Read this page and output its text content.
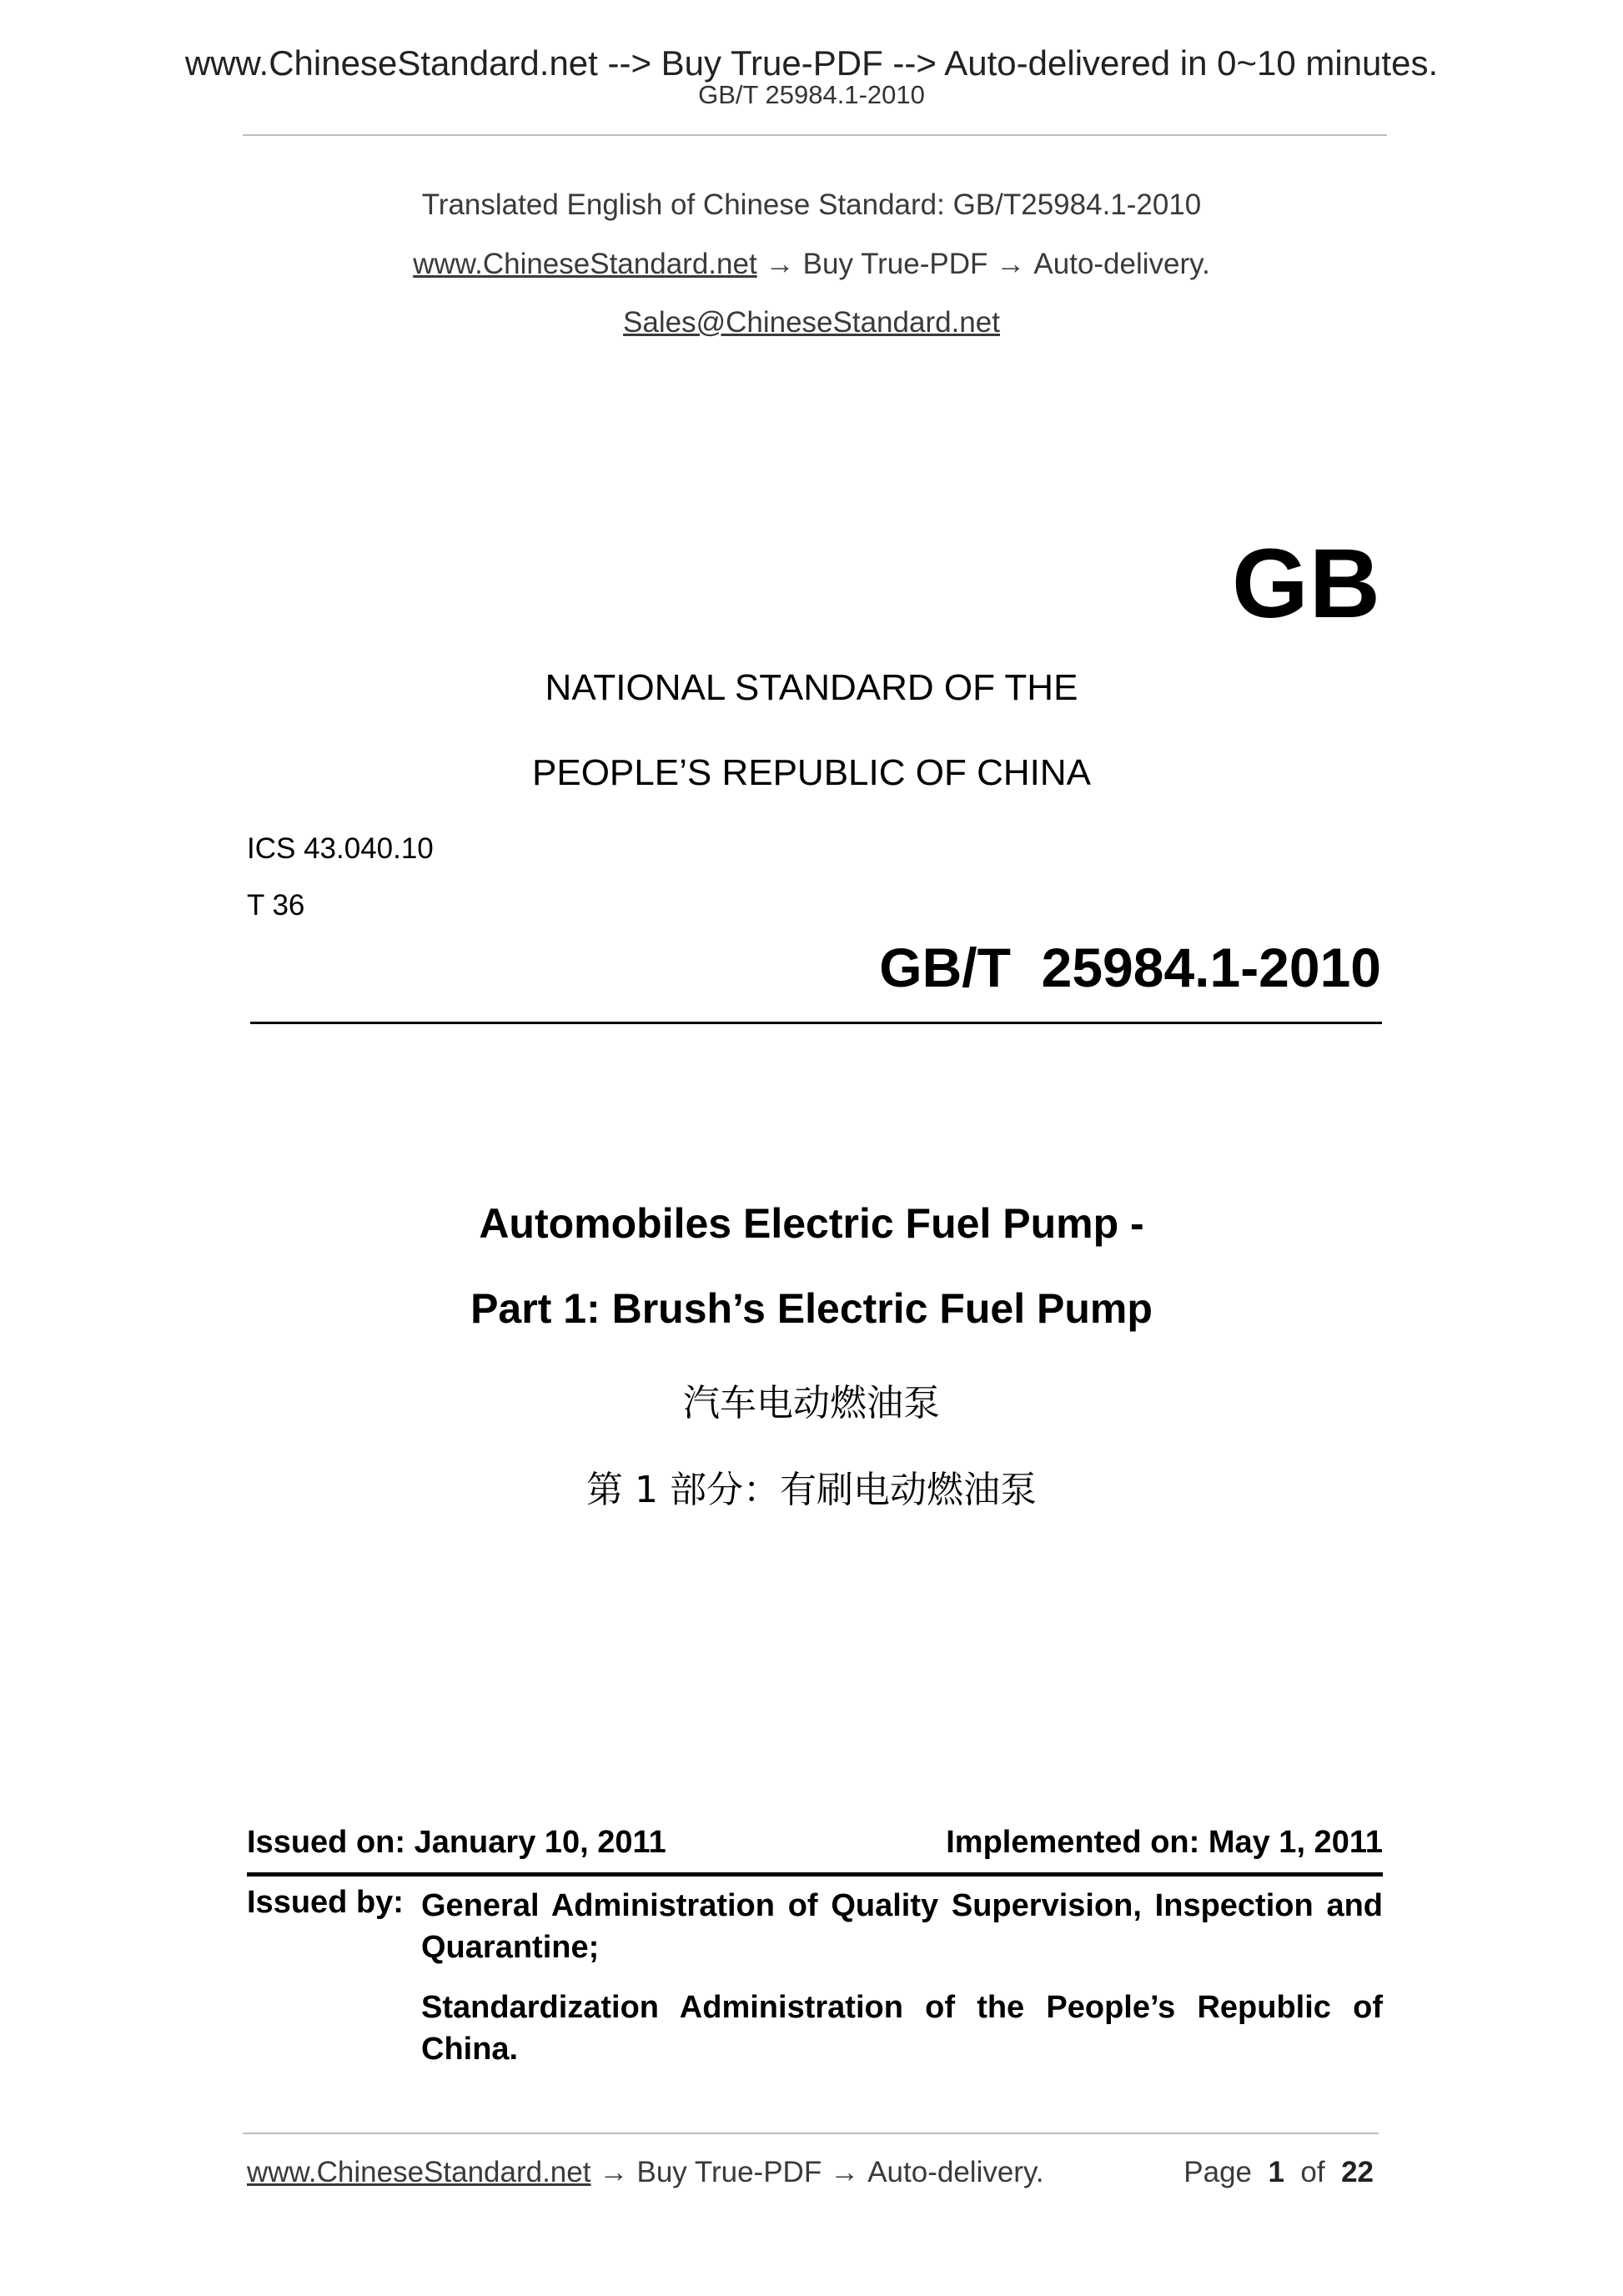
www.ChineseStandard.net --> Buy True-PDF --> Auto-delivered in 0~10 minutes.
GB/T 25984.1-2010
Translated English of Chinese Standard: GB/T25984.1-2010
www.ChineseStandard.net → Buy True-PDF → Auto-delivery.
Sales@ChineseStandard.net
GB
NATIONAL STANDARD OF THE
PEOPLE’S REPUBLIC OF CHINA
ICS 43.040.10
T 36
GB/T  25984.1-2010
Automobiles Electric Fuel Pump -
Part 1: Brush’s Electric Fuel Pump
汽车电动燃油泵
第 1 部分：有刷电动燃油泵
Issued on: January 10, 2011	Implemented on: May 1, 2011
Issued by: General Administration of Quality Supervision, Inspection and Quarantine;
Standardization Administration of the People’s Republic of China.
www.ChineseStandard.net → Buy True-PDF → Auto-delivery.	Page 1 of 22
